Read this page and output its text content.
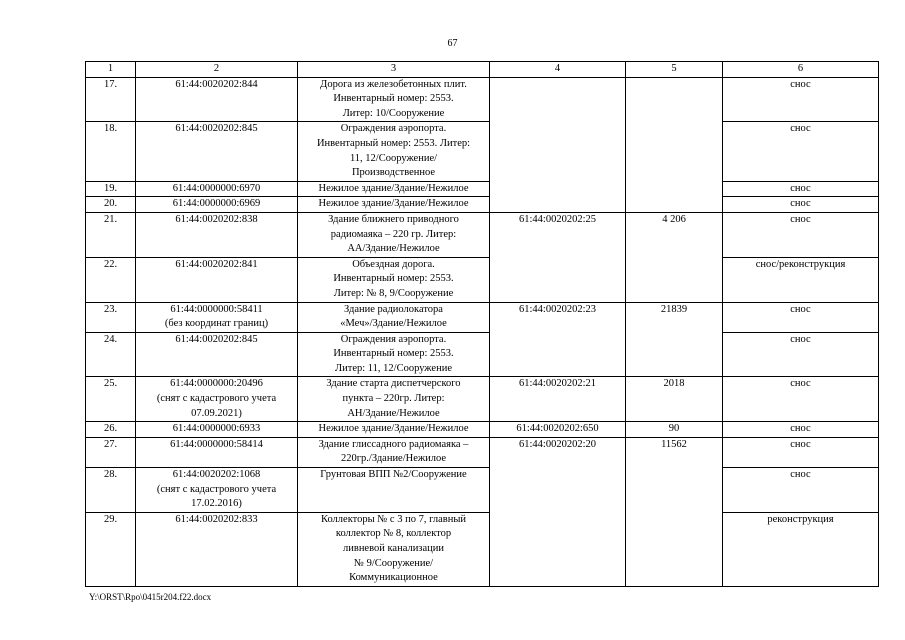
67
1	2	3	4	5	6
17.	61:44:0020202:844	Дорога из железобетонных плит.
Инвентарный номер: 2553.
Литер: 10/Сооружение			снос
18.	61:44:0020202:845	Ограждения аэропорта.
Инвентарный номер: 2553. Литер:
11, 12/Сооружение/
Производственное			снос
19.	61:44:0000000:6970	Нежилое здание/Здание/Нежилое			снос
20.	61:44:0000000:6969	Нежилое здание/Здание/Нежилое			снос
21.	61:44:0020202:838	Здание ближнего приводного
радиомаяка – 220 гр. Литер:
АА/Здание/Нежилое	61:44:0020202:25	4 206	снос
22.	61:44:0020202:841	Объездная дорога.
Инвентарный номер: 2553.
Литер: № 8, 9/Сооружение			снос/реконструкция
23.	61:44:0000000:58411
(без координат границ)	Здание радиолокатора
«Меч»/Здание/Нежилое	61:44:0020202:23	21839	снос
24.	61:44:0020202:845	Ограждения аэропорта.
Инвентарный номер: 2553.
Литер: 11, 12/Сооружение			снос
25.	61:44:0000000:20496
(снят с кадастрового учета
07.09.2021)	Здание старта диспетчерского
пункта – 220гр. Литер:
АН/Здание/Нежилое	61:44:0020202:21	2018	снос
26.	61:44:0000000:6933	Нежилое здание/Здание/Нежилое	61:44:0020202:650	90	снос
27.	61:44:0000000:58414	Здание глиссадного радиомаяка –
220гр./Здание/Нежилое	61:44:0020202:20	11562	снос
28.	61:44:0020202:1068
(снят с кадастрового учета
17.02.2016)	Грунтовая ВПП №2/Сооружение			снос
29.	61:44:0020202:833	Коллекторы № с 3 по 7, главный
коллектор № 8, коллектор
ливневой канализации
№ 9/Сооружение/
Коммуникационное			реконструкция
Y:\ORST\Rpo\0415r204.f22.docx
